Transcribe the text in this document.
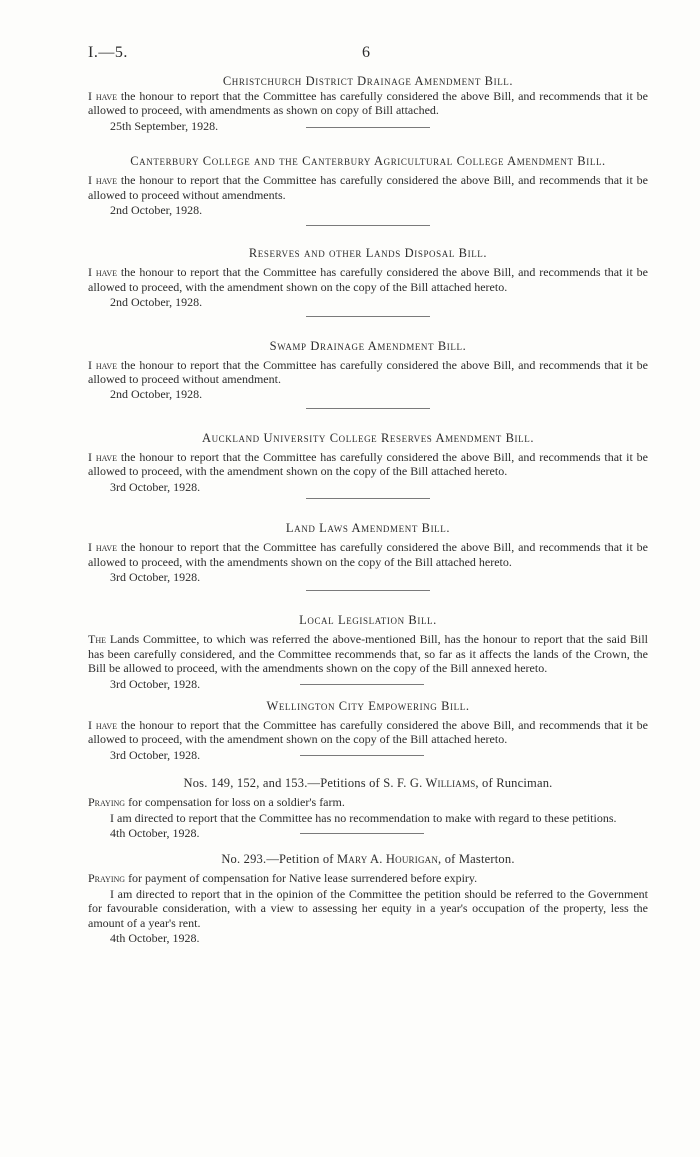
I.—5.	6

Christchurch District Drainage Amendment Bill.

I have the honour to report that the Committee has carefully considered the above Bill, and recommends that it be allowed to proceed, with amendments as shown on copy of Bill attached.

25th September, 1928.

Canterbury College and the Canterbury Agricultural College Amendment Bill.

I have the honour to report that the Committee has carefully considered the above Bill, and recommends that it be allowed to proceed without amendments.

2nd October, 1928.

Reserves and other Lands Disposal Bill.

I have the honour to report that the Committee has carefully considered the above Bill, and recommends that it be allowed to proceed, with the amendment shown on the copy of the Bill attached hereto.

2nd October, 1928.

Swamp Drainage Amendment Bill.

I have the honour to report that the Committee has carefully considered the above Bill, and recommends that it be allowed to proceed without amendment.

2nd October, 1928.

Auckland University College Reserves Amendment Bill.

I have the honour to report that the Committee has carefully considered the above Bill, and recommends that it be allowed to proceed, with the amendment shown on the copy of the Bill attached hereto.

3rd October, 1928.

Land Laws Amendment Bill.

I have the honour to report that the Committee has carefully considered the above Bill, and recommends that it be allowed to proceed, with the amendments shown on the copy of the Bill attached hereto.

3rd October, 1928.

Local Legislation Bill.

The Lands Committee, to which was referred the above-mentioned Bill, has the honour to report that the said Bill has been carefully considered, and the Committee recommends that, so far as it affects the lands of the Crown, the Bill be allowed to proceed, with the amendments shown on the copy of the Bill annexed hereto.

3rd October, 1928.

Wellington City Empowering Bill.

I have the honour to report that the Committee has carefully considered the above Bill, and recommends that it be allowed to proceed, with the amendment shown on the copy of the Bill attached hereto.

3rd October, 1928.

Nos. 149, 152, and 153.—Petitions of S. F. G. Williams, of Runciman.

Praying for compensation for loss on a soldier's farm.

I am directed to report that the Committee has no recommendation to make with regard to these petitions.

4th October, 1928.

No. 293.—Petition of Mary A. Hourigan, of Masterton.

Praying for payment of compensation for Native lease surrendered before expiry.

I am directed to report that in the opinion of the Committee the petition should be referred to the Government for favourable consideration, with a view to assessing her equity in a year's occupation of the property, less the amount of a year's rent.

4th October, 1928.
